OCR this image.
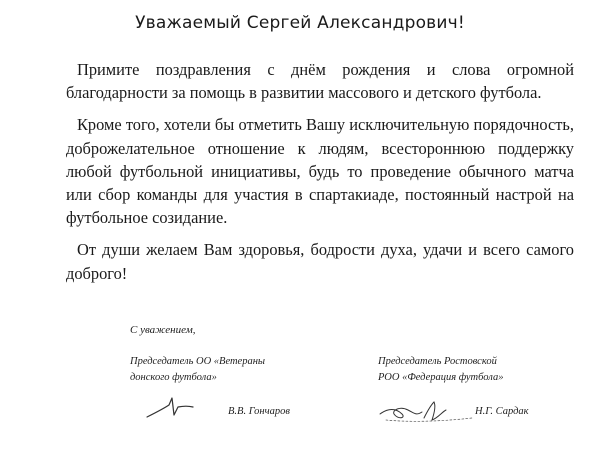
Уважаемый Сергей Александрович!

Примите поздравления с днём рождения и слова огромной благодарности за помощь в развитии массового и детского футбола.

Кроме того, хотели бы отметить Вашу исключительную порядочность, доброжелательное отношение к людям, всестороннюю поддержку любой футбольной инициативы, будь то проведение обычного матча или сбор команды для участия в спартакиаде, постоянный настрой на футбольное созидание.

От души желаем Вам здоровья, бодрости духа, удачи и всего самого доброго!

С уважением,
Председатель ОО «Ветераны
донского футбола»
Председатель Ростовской
РОО «Федерация футбола»
В.В. Гончаров	Н.Г. Сардак
